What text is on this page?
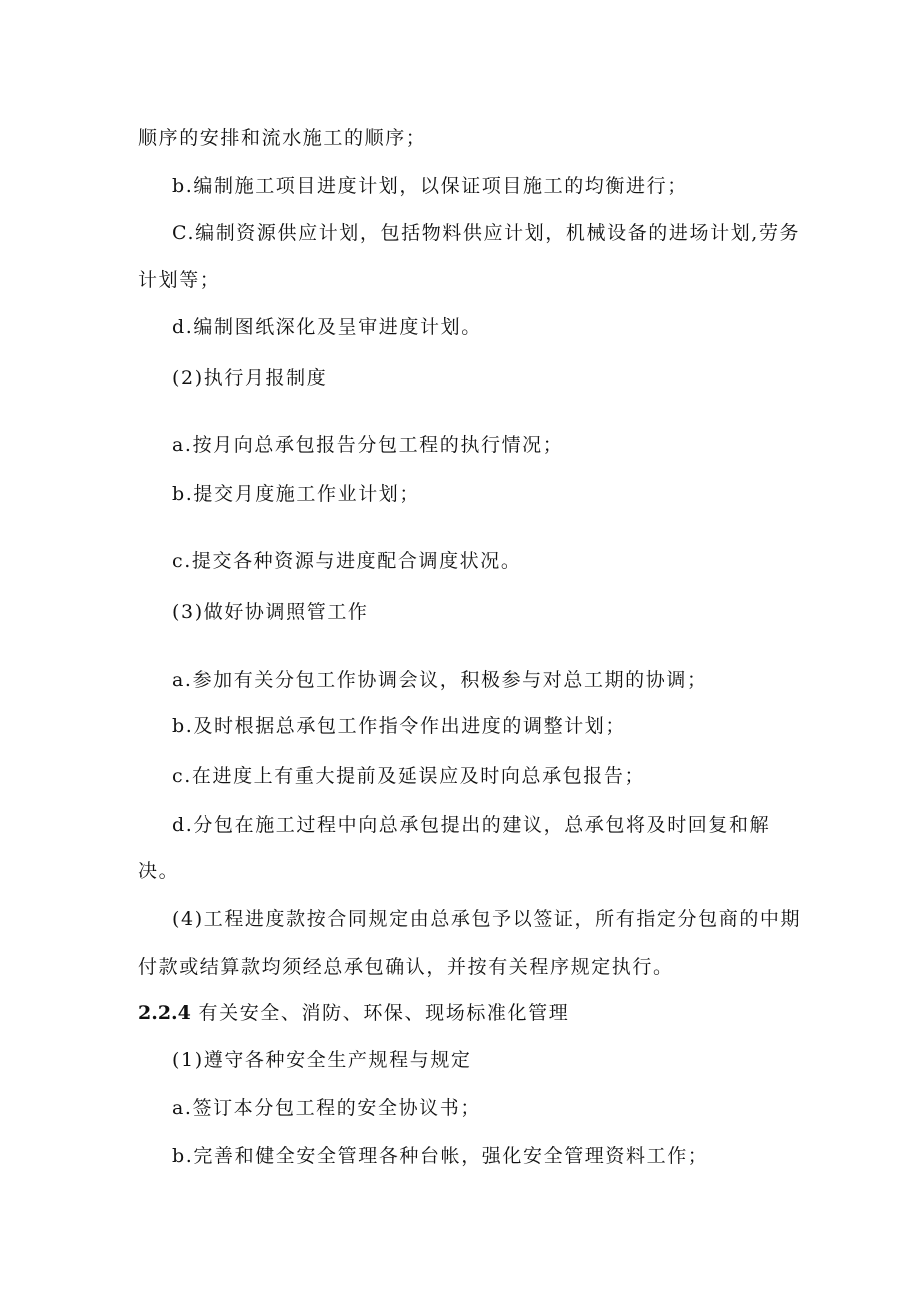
顺序的安排和流水施工的顺序；
b.编制施工项目进度计划，以保证项目施工的均衡进行；
C.编制资源供应计划，包括物料供应计划，机械设备的进场计划,劳务
计划等；
d.编制图纸深化及呈审进度计划。
(2)执行月报制度
a.按月向总承包报告分包工程的执行情况；
b.提交月度施工作业计划；
c.提交各种资源与进度配合调度状况。
(3)做好协调照管工作
a.参加有关分包工作协调会议，积极参与对总工期的协调；
b.及时根据总承包工作指令作出进度的调整计划；
c.在进度上有重大提前及延误应及时向总承包报告；
d.分包在施工过程中向总承包提出的建议，总承包将及时回复和解
决。
(4)工程进度款按合同规定由总承包予以签证，所有指定分包商的中期
付款或结算款均须经总承包确认，并按有关程序规定执行。
2.2.4 有关安全、消防、环保、现场标准化管理
(1)遵守各种安全生产规程与规定
a.签订本分包工程的安全协议书；
b.完善和健全安全管理各种台帐，强化安全管理资料工作；
